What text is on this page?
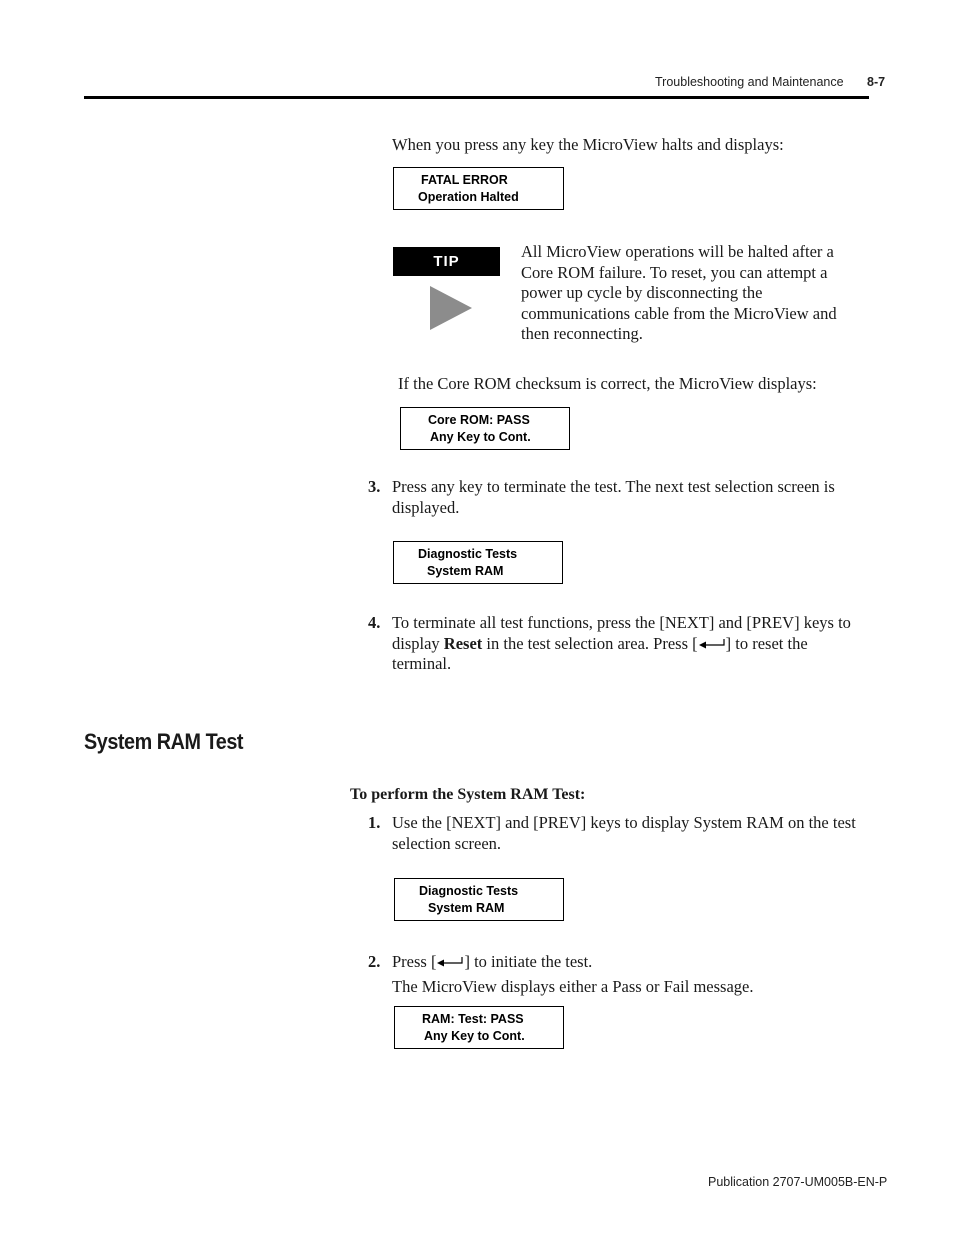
Troubleshooting and Maintenance 8-7
When you press any key the MicroView halts and displays:
FATAL ERROR
Operation Halted
TIP
All MicroView operations will be halted after a Core ROM failure. To reset, you can attempt a power up cycle by disconnecting the communications cable from the MicroView and then reconnecting.
If the Core ROM checksum is correct, the MicroView displays:
Core ROM: PASS
Any Key to Cont.
3. Press any key to terminate the test. The next test selection screen is displayed.
Diagnostic Tests
System RAM
4. To terminate all test functions, press the [NEXT] and [PREV] keys to display Reset in the test selection area. Press [ ] to reset the terminal.
System RAM Test
To perform the System RAM Test:
1. Use the [NEXT] and [PREV] keys to display System RAM on the test selection screen.
Diagnostic Tests
System RAM
2. Press [ ] to initiate the test.
The MicroView displays either a Pass or Fail message.
RAM: Test: PASS
Any Key to Cont.
Publication 2707-UM005B-EN-P
